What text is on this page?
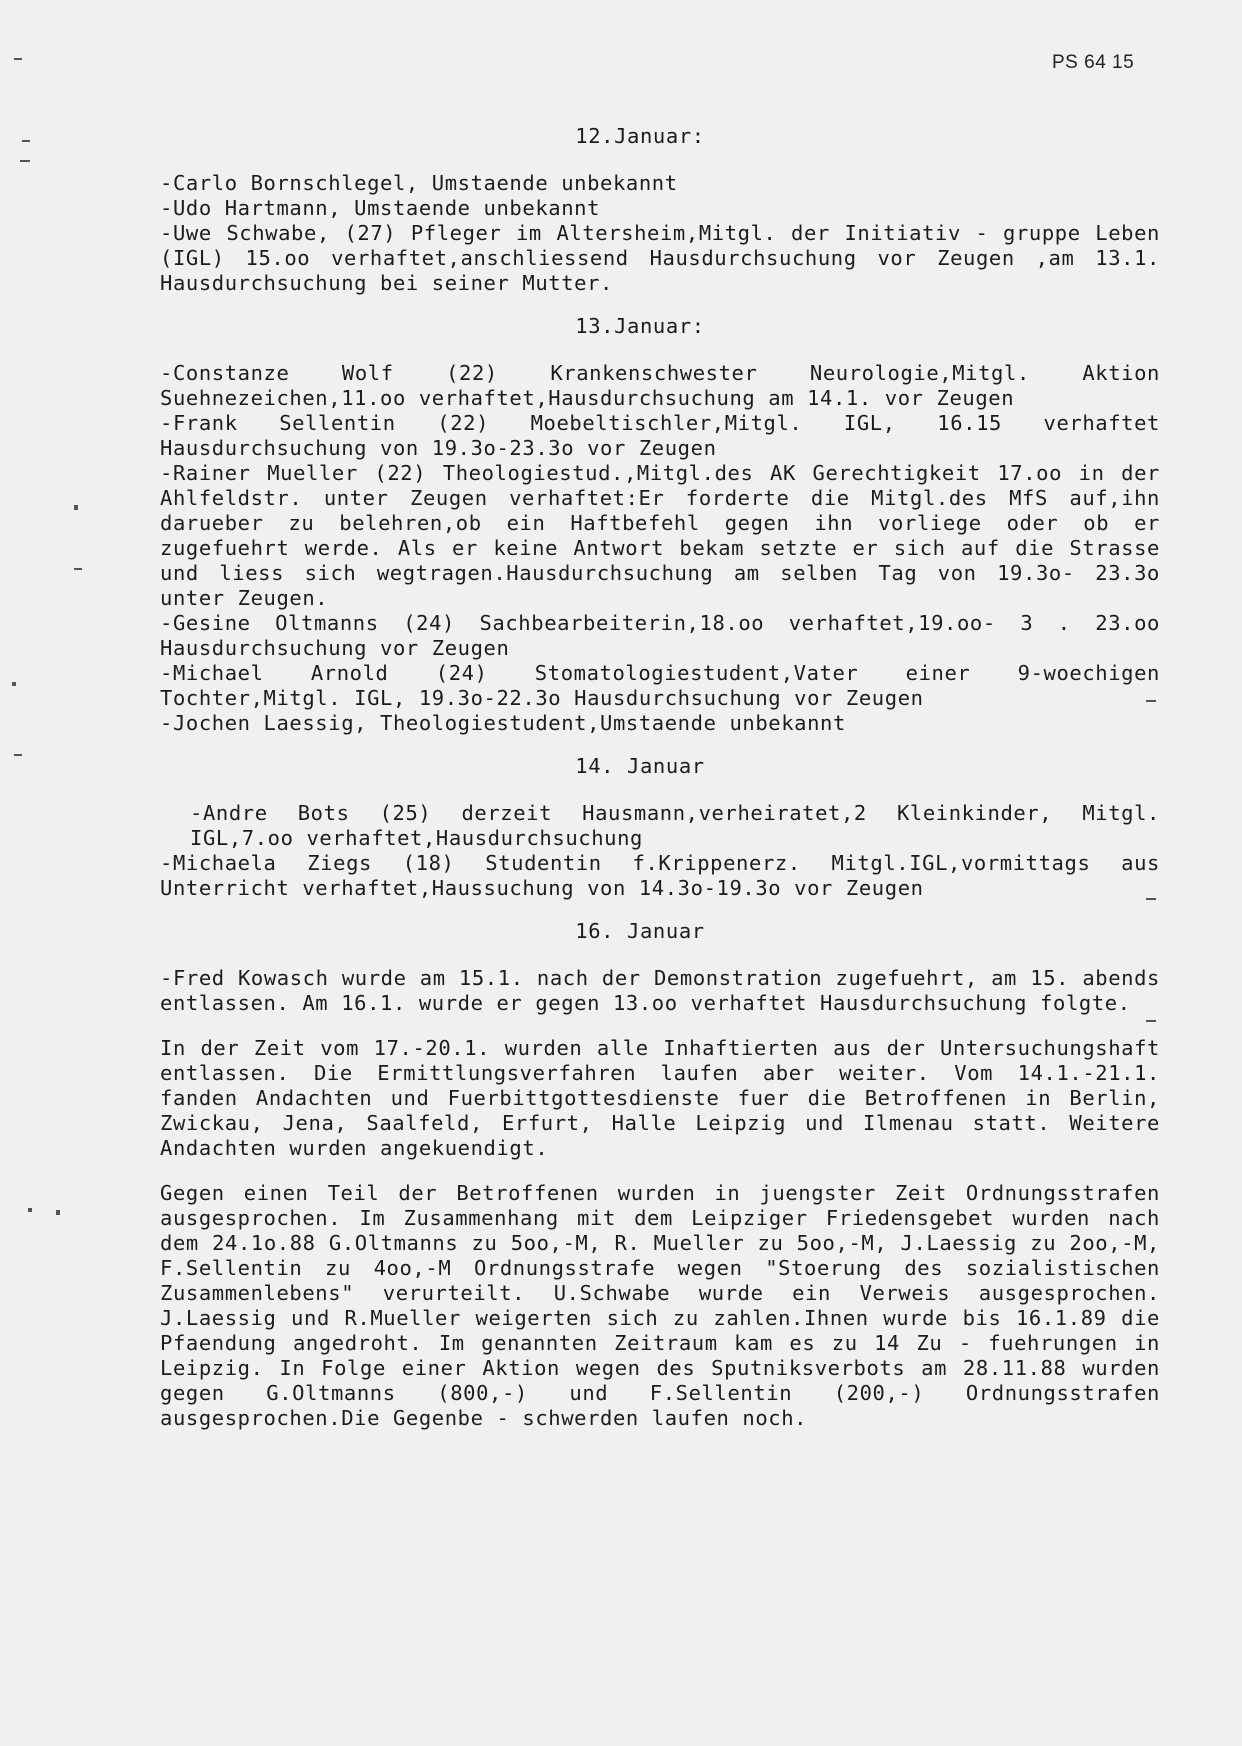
PS 64 15
12.Januar:

-Carlo Bornschlegel, Umstaende unbekannt

-Udo Hartmann, Umstaende unbekannt

-Uwe Schwabe, (27) Pfleger im Altersheim,Mitgl. der Initiativ - gruppe Leben (IGL) 15.oo verhaftet,anschliessend Hausdurchsuchung vor Zeugen ,am 13.1. Hausdurchsuchung bei seiner Mutter.

13.Januar:

-Constanze Wolf (22) Krankenschwester Neurologie,Mitgl. Aktion Suehnezeichen,11.oo verhaftet,Hausdurchsuchung am 14.1. vor Zeugen

-Frank Sellentin (22) Moebeltischler,Mitgl. IGL, 16.15 verhaftet Hausdurchsuchung von 19.3o-23.3o vor Zeugen

-Rainer Mueller (22) Theologiestud.,Mitgl.des AK Gerechtigkeit 17.oo in der Ahlfeldstr. unter Zeugen verhaftet:Er forderte die Mitgl.des MfS auf,ihn darueber zu belehren,ob ein Haftbefehl gegen ihn vorliege oder ob er zugefuehrt werde. Als er keine Antwort bekam setzte er sich auf die Strasse und liess sich wegtragen.Hausdurchsuchung am selben Tag von 19.3o- 23.3o unter Zeugen.

-Gesine Oltmanns (24) Sachbearbeiterin,18.oo verhaftet,19.oo- 3 . 23.oo Hausdurchsuchung vor Zeugen

-Michael Arnold (24) Stomatologiestudent,Vater einer 9-woechigen Tochter,Mitgl. IGL, 19.3o-22.3o Hausdurchsuchung vor Zeugen

-Jochen Laessig, Theologiestudent,Umstaende unbekannt

14. Januar

-Andre Bots (25) derzeit Hausmann,verheiratet,2 Kleinkinder, Mitgl. IGL,7.oo verhaftet,Hausdurchsuchung

-Michaela Ziegs (18) Studentin f.Krippenerz. Mitgl.IGL,vormittags aus Unterricht verhaftet,Haussuchung von 14.3o-19.3o vor Zeugen

16. Januar

-Fred Kowasch wurde am 15.1. nach der Demonstration zugefuehrt, am 15. abends entlassen. Am 16.1. wurde er gegen 13.oo verhaftet Hausdurchsuchung folgte.

In der Zeit vom 17.-20.1. wurden alle Inhaftierten aus der Untersuchungshaft entlassen. Die Ermittlungsverfahren laufen aber weiter. Vom 14.1.-21.1. fanden Andachten und Fuerbittgottesdienste fuer die Betroffenen in Berlin, Zwickau, Jena, Saalfeld, Erfurt, Halle Leipzig und Ilmenau statt. Weitere Andachten wurden angekuendigt.

Gegen einen Teil der Betroffenen wurden in juengster Zeit Ordnungsstrafen ausgesprochen. Im Zusammenhang mit dem Leipziger Friedensgebet wurden nach dem 24.1o.88 G.Oltmanns zu 5oo,-M, R. Mueller zu 5oo,-M, J.Laessig zu 2oo,-M, F.Sellentin zu 4oo,-M Ordnungsstrafe wegen "Stoerung des sozialistischen Zusammenlebens" verurteilt. U.Schwabe wurde ein Verweis ausgesprochen. J.Laessig und R.Mueller weigerten sich zu zahlen.Ihnen wurde bis 16.1.89 die Pfaendung angedroht. Im genannten Zeitraum kam es zu 14 Zu - fuehrungen in Leipzig. In Folge einer Aktion wegen des Sputniksverbots am 28.11.88 wurden gegen G.Oltmanns (800,-) und F.Sellentin (200,-) Ordnungsstrafen ausgesprochen.Die Gegenbe - schwerden laufen noch.
